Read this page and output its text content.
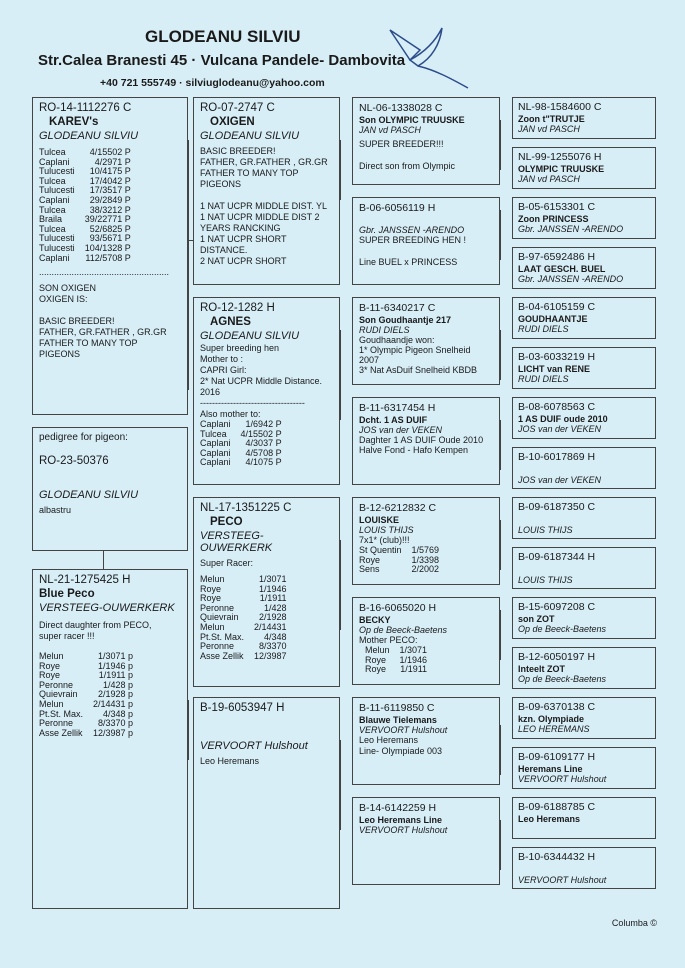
GLODEANU SILVIU
Str.Calea Branesti 45 · Vulcana Pandele- Dambovita
+40 721 555749 · silviuglodeanu@yahoo.com
RO-14-1112276 C
KAREV's
GLODEANU SILVIU
Tulcea	4/15502 P
Caplani	4/2971 P
Tulucesti	10/4175 P
Tulcea	17/4042 P
Tulucesti	17/3517 P
Caplani	29/2849 P
Tulcea	38/3212 P
Braila	39/22771 P
Tulcea	52/6825 P
Tulucesti	93/5671 P
Tulucesti	104/1328 P
Caplani	112/5708 P
....................................................
SON OXIGEN
OXIGEN IS:

BASIC BREEDER!
FATHER, GR.FATHER , GR.GR
FATHER TO MANY TOP
PIGEONS
pedigree for pigeon:
RO-23-50376
GLODEANU SILVIU
albastru
NL-21-1275425 H
Blue Peco
VERSTEEG-OUWERKERK
Direct daughter from PECO,
super racer !!!
Melun	1/3071 p
Roye	1/1946 p
Roye	1/1911 p
Peronne	1/428 p
Quievrain	2/1928 p
Melun	2/14431 p
Pt.St. Max.	4/348 p
Peronne	8/3370 p
Asse Zellik	12/3987 p
RO-07-2747 C
OXIGEN
GLODEANU SILVIU
BASIC BREEDER!
FATHER, GR.FATHER , GR.GR
FATHER TO MANY TOP
PIGEONS

1 NAT UCPR MIDDLE DIST. YL
1 NAT UCPR MIDDLE DIST 2
YEARS RANCKING
1 NAT UCPR SHORT
DISTANCE.
2 NAT UCPR SHORT
RO-12-1282 H
AGNES
GLODEANU SILVIU
Super breeding hen
Mother to :
CAPRI Girl:
2* Nat UCPR Middle Distance.
2016
-----------------------------------
Also mother to:
Caplani	1/6942 P
Tulcea	4/15502 P
Caplani	4/3037 P
Caplani	4/5708 P
Caplani	4/1075 P
NL-17-1351225 C
PECO
VERSTEEG-OUWERKERK
Super Racer:
Melun	1/3071
Roye	1/1946
Roye	1/1911
Peronne	1/428
Quievrain	2/1928
Melun	2/14431
Pt.St. Max.	4/348
Peronne	8/3370
Asse Zellik	12/3987
B-19-6053947 H
VERVOORT Hulshout
Leo Heremans
NL-06-1338028 C
Son OLYMPIC TRUUSKE
JAN vd PASCH
SUPER BREEDER!!!

Direct son from Olympic
B-06-6056119 H
Gbr. JANSSEN -ARENDO
SUPER BREEDING HEN !

Line BUEL x PRINCESS
B-11-6340217 C
Son Goudhaantje 217
RUDI DIELS
Goudhaandje won:
1* Olympic Pigeon Snelheid
2007
3* Nat AsDuif Snelheid KBDB
B-11-6317454 H
Dcht. 1 AS DUIF
JOS van der VEKEN
Daghter 1 AS DUIF Oude 2010
Halve Fond - Hafo Kempen
B-12-6212832 C
LOUISKE
LOUIS THIJS
7x1* (club)!!!
St Quentin	1/5769
Roye	1/3398
Sens	2/2002
B-16-6065020 H
BECKY
Op de Beeck-Baetens
Mother PECO:
Melun	1/3071
Roye	1/1946
Roye	1/1911
B-11-6119850 C
Blauwe Tielemans
VERVOORT Hulshout
Leo Heremans
Line- Olympiade 003
B-14-6142259 H
Leo Heremans Line
VERVOORT Hulshout
NL-98-1584600 C
Zoon t"TRUTJE
JAN vd PASCH
NL-99-1255076 H
OLYMPIC TRUUSKE
JAN vd PASCH
B-05-6153301 C
Zoon PRINCESS
Gbr. JANSSEN -ARENDO
B-97-6592486 H
LAAT GESCH. BUEL
Gbr. JANSSEN -ARENDO
B-04-6105159 C
GOUDHAANTJE
RUDI DIELS
B-03-6033219 H
LICHT van RENE
RUDI DIELS
B-08-6078563 C
1 AS DUIF oude 2010
JOS van der VEKEN
B-10-6017869 H
JOS van der VEKEN
B-09-6187350 C
LOUIS THIJS
B-09-6187344 H
LOUIS THIJS
B-15-6097208 C
son ZOT
Op de Beeck-Baetens
B-12-6050197 H
Inteelt ZOT
Op de Beeck-Baetens
B-09-6370138 C
kzn. Olympiade
LEO HEREMANS
B-09-6109177 H
Heremans Line
VERVOORT Hulshout
B-09-6188785 C
Leo Heremans
B-10-6344432 H
VERVOORT Hulshout
Columba ©
